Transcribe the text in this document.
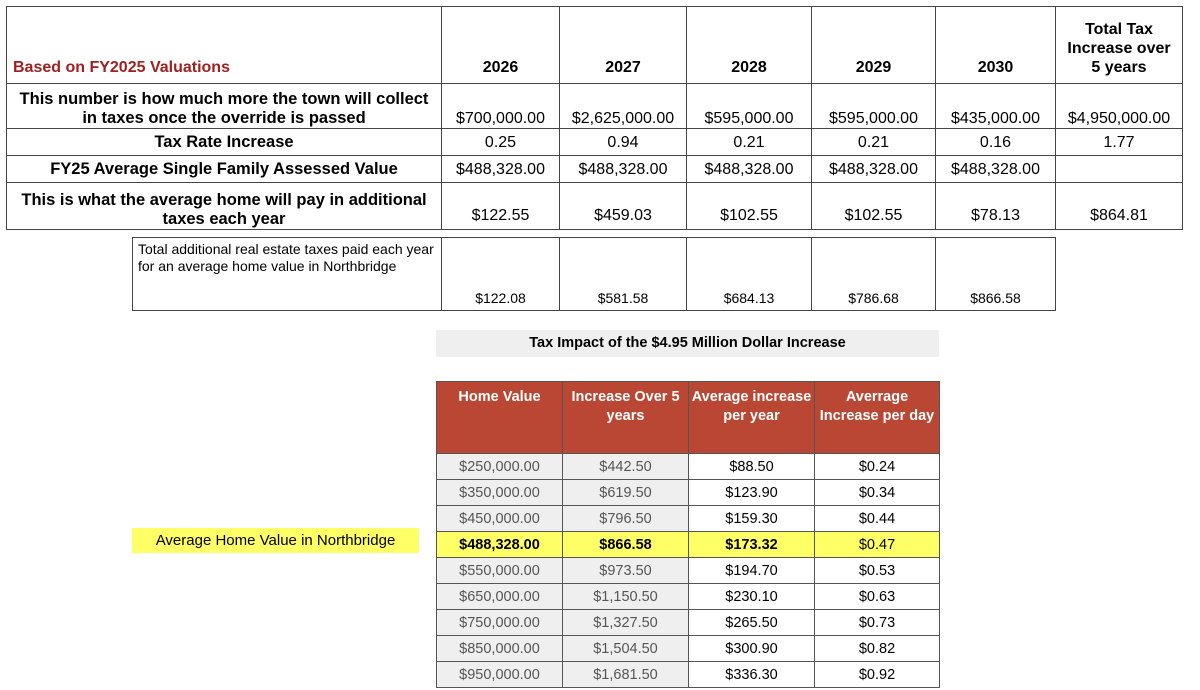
Based on FY2025 Valuations	2026	2027	2028	2029	2030	Total Tax Increase over 5 years
This number is how much more the town will collect in taxes once the override is passed	$700,000.00	$2,625,000.00	$595,000.00	$595,000.00	$435,000.00	$4,950,000.00
Tax Rate Increase	0.25	0.94	0.21	0.21	0.16	1.77
FY25 Average Single Family Assessed Value	$488,328.00	$488,328.00	$488,328.00	$488,328.00	$488,328.00	
This is what the average home will pay in additional taxes each year	$122.55	$459.03	$102.55	$102.55	$78.13	$864.81
Total additional real estate taxes paid each year for an average home value in Northbridge	$122.08	$581.58	$684.13	$786.68	$866.58
Tax Impact of the $4.95 Million Dollar Increase
Average Home Value in Northbridge
Home Value	Increase Over 5 years	Average increase per year	Averrage Increase per day
$250,000.00	$442.50	$88.50	$0.24
$350,000.00	$619.50	$123.90	$0.34
$450,000.00	$796.50	$159.30	$0.44
$488,328.00	$866.58	$173.32	$0.47
$550,000.00	$973.50	$194.70	$0.53
$650,000.00	$1,150.50	$230.10	$0.63
$750,000.00	$1,327.50	$265.50	$0.73
$850,000.00	$1,504.50	$300.90	$0.82
$950,000.00	$1,681.50	$336.30	$0.92
